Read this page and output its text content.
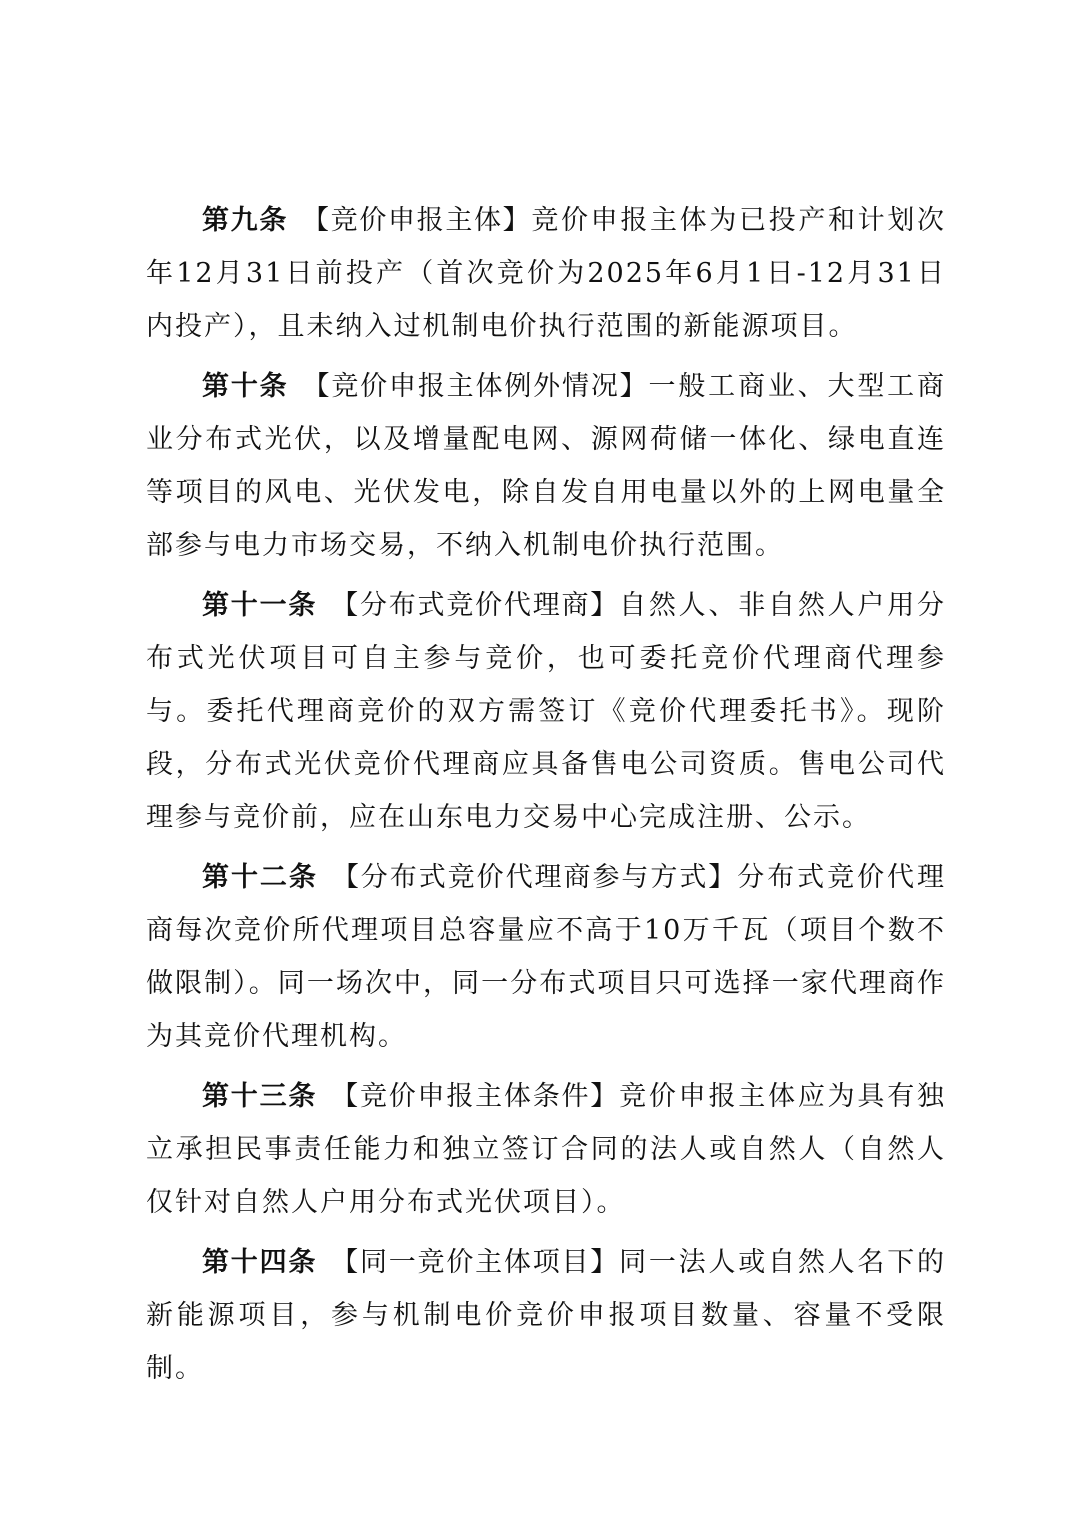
第九条 【竞价申报主体】竞价申报主体为已投产和计划次年12月31日前投产（首次竞价为2025年6月1日-12月31日内投产），且未纳入过机制电价执行范围的新能源项目。

第十条 【竞价申报主体例外情况】一般工商业、大型工商业分布式光伏，以及增量配电网、源网荷储一体化、绿电直连等项目的风电、光伏发电，除自发自用电量以外的上网电量全部参与电力市场交易，不纳入机制电价执行范围。

第十一条 【分布式竞价代理商】自然人、非自然人户用分布式光伏项目可自主参与竞价，也可委托竞价代理商代理参与。委托代理商竞价的双方需签订《竞价代理委托书》。现阶段，分布式光伏竞价代理商应具备售电公司资质。售电公司代理参与竞价前，应在山东电力交易中心完成注册、公示。

第十二条 【分布式竞价代理商参与方式】分布式竞价代理商每次竞价所代理项目总容量应不高于10万千瓦（项目个数不做限制）。同一场次中，同一分布式项目只可选择一家代理商作为其竞价代理机构。

第十三条 【竞价申报主体条件】竞价申报主体应为具有独立承担民事责任能力和独立签订合同的法人或自然人（自然人仅针对自然人户用分布式光伏项目）。

第十四条 【同一竞价主体项目】同一法人或自然人名下的新能源项目，参与机制电价竞价申报项目数量、容量不受限制。
